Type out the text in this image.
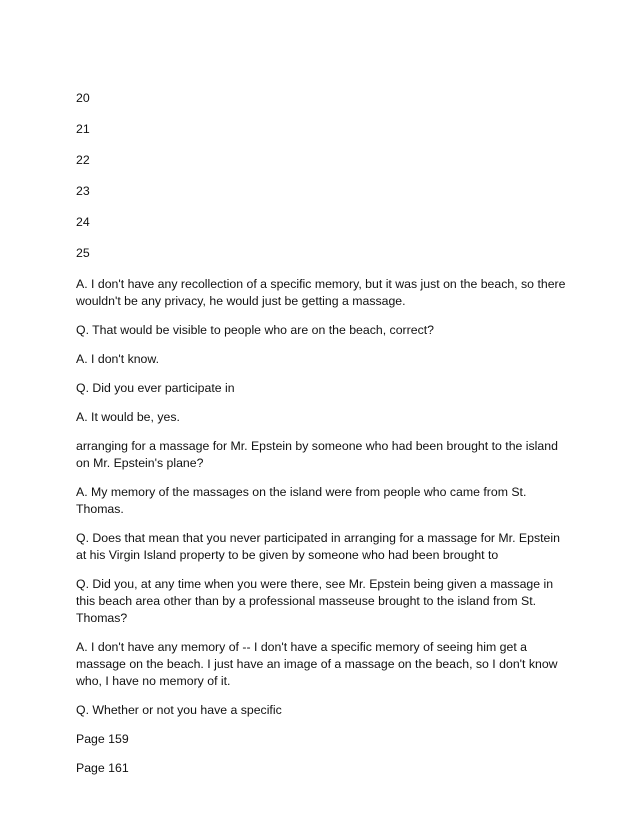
20

21

22

23

24

25

A. I don't have any recollection of a specific memory, but it was just on the beach, so there wouldn't be any privacy, he would just be getting a massage.

Q. That would be visible to people who are on the beach, correct?

A. I don't know.

Q. Did you ever participate in

A. It would be, yes.

arranging for a massage for Mr. Epstein by someone who had been brought to the island on Mr. Epstein's plane?

A. My memory of the massages on the island were from people who came from St. Thomas.

Q. Does that mean that you never participated in arranging for a massage for Mr. Epstein at his Virgin Island property to be given by someone who had been brought to

Q. Did you, at any time when you were there, see Mr. Epstein being given a massage in this beach area other than by a professional masseuse brought to the island from St. Thomas?

A. I don't have any memory of -- I don't have a specific memory of seeing him get a massage on the beach. I just have an image of a massage on the beach, so I don't know who, I have no memory of it.

Q. Whether or not you have a specific

Page 159

Page 161
